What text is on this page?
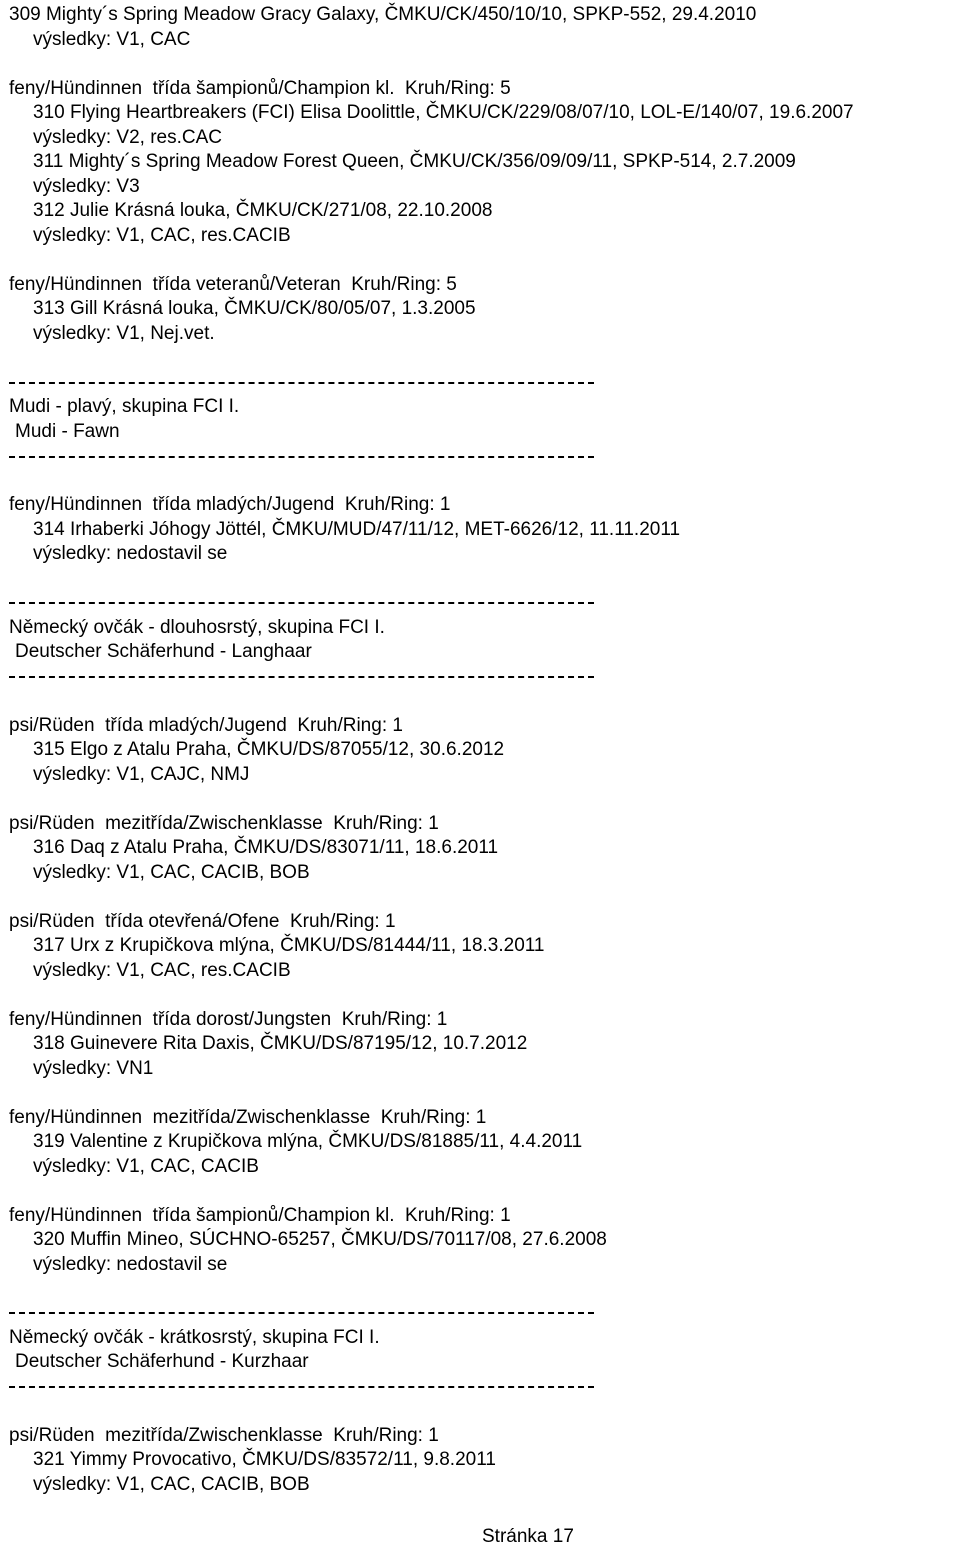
309 Mighty´s Spring Meadow Gracy Galaxy, ČMKU/CK/450/10/10, SPKP-552, 29.4.2010
výsledky: V1, CAC
feny/Hündinnen  třída šampionů/Champion kl.  Kruh/Ring: 5
310 Flying Heartbreakers (FCI) Elisa Doolittle, ČMKU/CK/229/08/07/10, LOL-E/140/07, 19.6.2007
výsledky: V2, res.CAC
311 Mighty´s Spring Meadow Forest Queen, ČMKU/CK/356/09/09/11, SPKP-514, 2.7.2009
výsledky: V3
312 Julie Krásná louka, ČMKU/CK/271/08, 22.10.2008
výsledky: V1, CAC, res.CACIB
feny/Hündinnen  třída veteranů/Veteran  Kruh/Ring: 5
313 Gill Krásná louka, ČMKU/CK/80/05/07, 1.3.2005
výsledky: V1, Nej.vet.
Mudi - plavý, skupina FCI I.
Mudi - Fawn
feny/Hündinnen  třída mladých/Jugend  Kruh/Ring: 1
314 Irhaberki Jóhogy Jöttél, ČMKU/MUD/47/11/12, MET-6626/12, 11.11.2011
výsledky: nedostavil se
Německý ovčák - dlouhosrstý, skupina FCI I.
Deutscher Schäferhund - Langhaar
psi/Rüden  třída mladých/Jugend  Kruh/Ring: 1
315 Elgo z Atalu Praha, ČMKU/DS/87055/12, 30.6.2012
výsledky: V1, CAJC, NMJ
psi/Rüden  mezitřída/Zwischenklasse  Kruh/Ring: 1
316 Daq z Atalu Praha, ČMKU/DS/83071/11, 18.6.2011
výsledky: V1, CAC, CACIB, BOB
psi/Rüden  třída otevřená/Ofene  Kruh/Ring: 1
317 Urx z Krupičkova mlýna, ČMKU/DS/81444/11, 18.3.2011
výsledky: V1, CAC, res.CACIB
feny/Hündinnen  třída dorost/Jungsten  Kruh/Ring: 1
318 Guinevere Rita Daxis, ČMKU/DS/87195/12, 10.7.2012
výsledky: VN1
feny/Hündinnen  mezitřída/Zwischenklasse  Kruh/Ring: 1
319 Valentine z Krupičkova mlýna, ČMKU/DS/81885/11, 4.4.2011
výsledky: V1, CAC, CACIB
feny/Hündinnen  třída šampionů/Champion kl.  Kruh/Ring: 1
320 Muffin Mineo, SÚCHNO-65257, ČMKU/DS/70117/08, 27.6.2008
výsledky: nedostavil se
Německý ovčák - krátkosrstý, skupina FCI I.
Deutscher Schäferhund - Kurzhaar
psi/Rüden  mezitřída/Zwischenklasse  Kruh/Ring: 1
321 Yimmy Provocativo, ČMKU/DS/83572/11, 9.8.2011
výsledky: V1, CAC, CACIB, BOB
Stránka 17
